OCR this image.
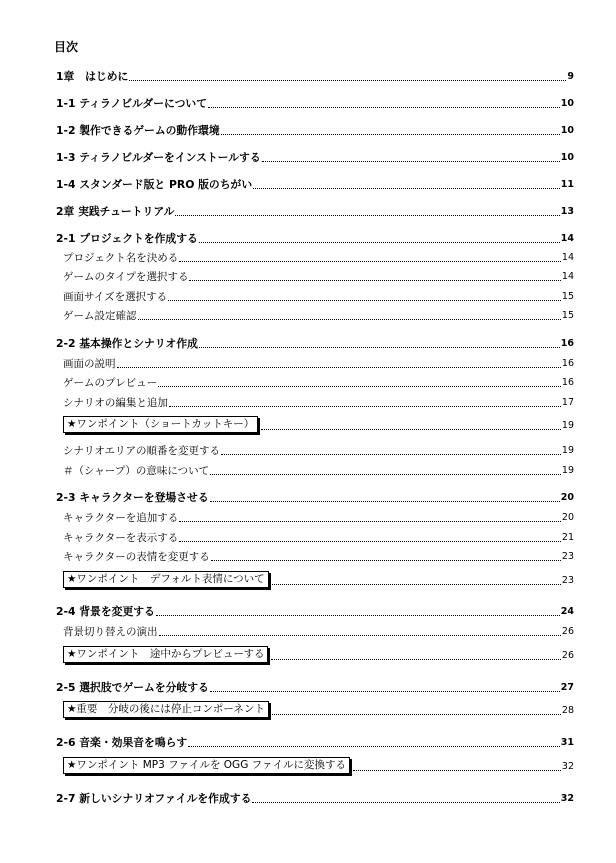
目次
1章　はじめに	9
1-1 ティラノビルダーについて	10
1-2 製作できるゲームの動作環境	10
1-3 ティラノビルダーをインストールする	10
1-4 スタンダード版と PRO 版のちがい	11
2章 実践チュートリアル	13
2-1 プロジェクトを作成する	14
プロジェクト名を決める	14
ゲームのタイプを選択する	14
画面サイズを選択する	15
ゲーム設定確認	15
2-2 基本操作とシナリオ作成	16
画面の説明	16
ゲームのプレビュー	16
シナリオの編集と追加	17
★ワンポイント（ショートカットキー）	19
シナリオエリアの順番を変更する	19
＃（シャープ）の意味について	19
2-3 キャラクターを登場させる	20
キャラクターを追加する	20
キャラクターを表示する	21
キャラクターの表情を変更する	23
★ワンポイント　デフォルト表情について	23
2-4 背景を変更する	24
背景切り替えの演出	26
★ワンポイント　途中からプレビューする	26
2-5 選択肢でゲームを分岐する	27
★重要　分岐の後には停止コンポーネント	28
2-6 音楽・効果音を鳴らす	31
★ワンポイント MP3 ファイルを OGG ファイルに変換する	32
2-7 新しいシナリオファイルを作成する	32
